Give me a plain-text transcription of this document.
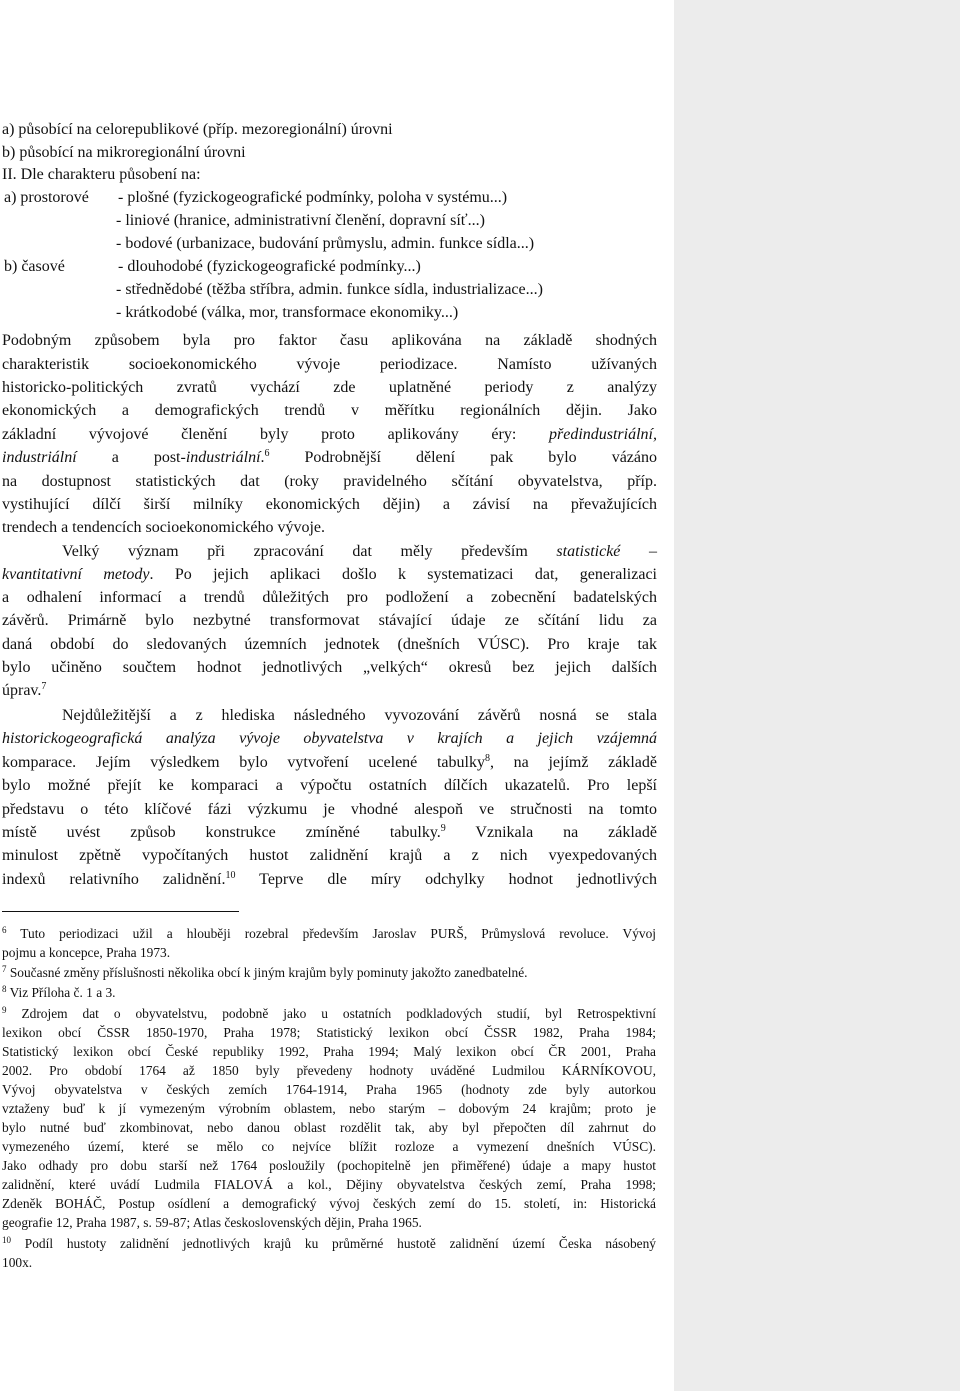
a) působící na celorepublikové (příp. mezoregionální) úrovni
b) působící na mikroregionální úrovni
II. Dle charakteru působení na:
a) prostorové - plošné (fyzickogeografické podmínky, poloha v systému...)
- liniové (hranice, administrativní členění, dopravní síť...)
- bodové (urbanizace, budování průmyslu, admin. funkce sídla...)
b) časové	- dlouhodobé (fyzickogeografické podmínky...)
- střednědobé (těžba stříbra, admin. funkce sídla, industrializace...)
- krátkodobé (válka, mor, transformace ekonomiky...)
Podobným způsobem byla pro faktor času aplikována na základě shodných
charakteristik socioekonomického vývoje periodizace. Namísto užívaných
historicko-politických zvratů vychází zde uplatněné periody z analýzy
ekonomických a demografických trendů v měřítku regionálních dějin. Jako
základní vývojové členění byly proto aplikovány éry: předindustriální,
industriální a post-industriální.$^6$ Podrobnější dělení pak bylo vázáno
na dostupnost statistických dat (roky pravidelného sčítání obyvatelstva, příp.
vystihující dílčí širší milníky ekonomických dějin) a závisí na převažujících
trendech a tendencích socioekonomického vývoje.
Velký význam při zpracování dat měly především statistické –
kvantitativní metody. Po jejich aplikaci došlo k systematizaci dat, generalizaci
a odhalení informací a trendů důležitých pro podložení a zobecnění badatelských
závěrů. Primárně bylo nezbytné transformovat stávající údaje ze sčítání lidu za
daná období do sledovaných územních jednotek (dnešních VÚSC). Pro kraje tak
bylo učiněno součtem hodnot jednotlivých „velkých“ okresů bez jejich dalších
úprav.$^7$
Nejdůležitější a z hlediska následného vyvozování závěrů nosná se stala
historickogeografická analýza vývoje obyvatelstva v krajích a jejich vzájemná
komparace. Jejím výsledkem bylo vytvoření ucelené tabulky$^8$, na jejímž základě
bylo možné přejít ke komparaci a výpočtu ostatních dílčích ukazatelů. Pro lepší
představu o této klíčové fázi výzkumu je vhodné alespoň ve stručnosti na tomto
místě uvést způsob konstrukce zmíněné tabulky.$^9$ Vznikala na základě
minulost zpětně vypočítaných hustot zalidnění krajů a z nich vyexpedovaných
indexů relativního zalidnění.$^{10}$ Teprve dle míry odchylky hodnot jednotlivých
$^6$ Tuto periodizaci užil a hlouběji rozebral především Jaroslav PURŠ, Průmyslová revoluce. Vývoj
pojmu a koncepce, Praha 1973.
$^7$ Současné změny příslušnosti několika obcí k jiným krajům byly pominuty jakožto zanedbatelné.
$^8$ Viz Příloha č. 1 a 3.
$^9$ Zdrojem dat o obyvatelstvu, podobně jako u ostatních podkladových studií, byl Retrospektivní
lexikon obcí ČSSR 1850-1970, Praha 1978; Statistický lexikon obcí ČSSR 1982, Praha 1984;
Statistický lexikon obcí České republiky 1992, Praha 1994; Malý lexikon obcí ČR 2001, Praha
2002. Pro období 1764 až 1850 byly převedeny hodnoty uváděné Ludmilou KÁRNÍKOVOU,
Vývoj obyvatelstva v českých zemích 1764-1914, Praha 1965 (hodnoty zde byly autorkou
vztaženy buď k jí vymezeným výrobním oblastem, nebo starým – dobovým 24 krajům; proto je
bylo nutné buď zkombinovat, nebo danou oblast rozdělit tak, aby byl přepočten díl zahrnut do
vymezeného území, které se mělo co nejvíce blížit rozloze a vymezení dnešních VÚSC).
Jako odhady pro dobu starší než 1764 posloužily (pochopitelně jen přiměřené) údaje a mapy hustot
zalidnění, které uvádí Ludmila FIALOVÁ a kol., Dějiny obyvatelstva českých zemí, Praha 1998;
Zdeněk BOHÁČ, Postup osídlení a demografický vývoj českých zemí do 15. století, in: Historická
geografie 12, Praha 1987, s. 59-87; Atlas československých dějin, Praha 1965.
$^{10}$ Podíl hustoty zalidnění jednotlivých krajů ku průměrné hustotě zalidnění území Česka násobený
100x.
